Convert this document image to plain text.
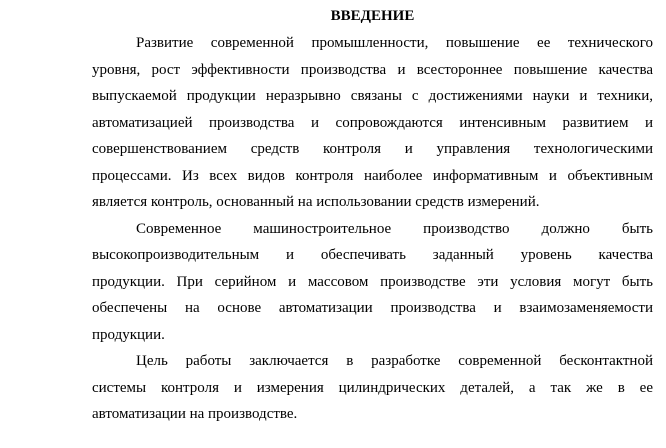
ВВЕДЕНИЕ

Развитие современной промышленности, повышение ее технического
уровня, рост эффективности производства и всестороннее повышение качества
выпускаемой продукции неразрывно связаны с достижениями науки и техники,
автоматизацией производства и сопровождаются интенсивным развитием и
совершенствованием средств контроля и управления технологическими
процессами. Из всех видов контроля наиболее информативным и объективным
является контроль, основанный на использовании средств измерений.

Современное машиностроительное производство должно быть
высокопроизводительным и обеспечивать заданный уровень качества
продукции. При серийном и массовом производстве эти условия могут быть
обеспечены на основе автоматизации производства и взаимозаменяемости
продукции.

Цель работы заключается в разработке современной бесконтактной
системы контроля и измерения цилиндрических деталей, а так же в ее
автоматизации на производстве.
